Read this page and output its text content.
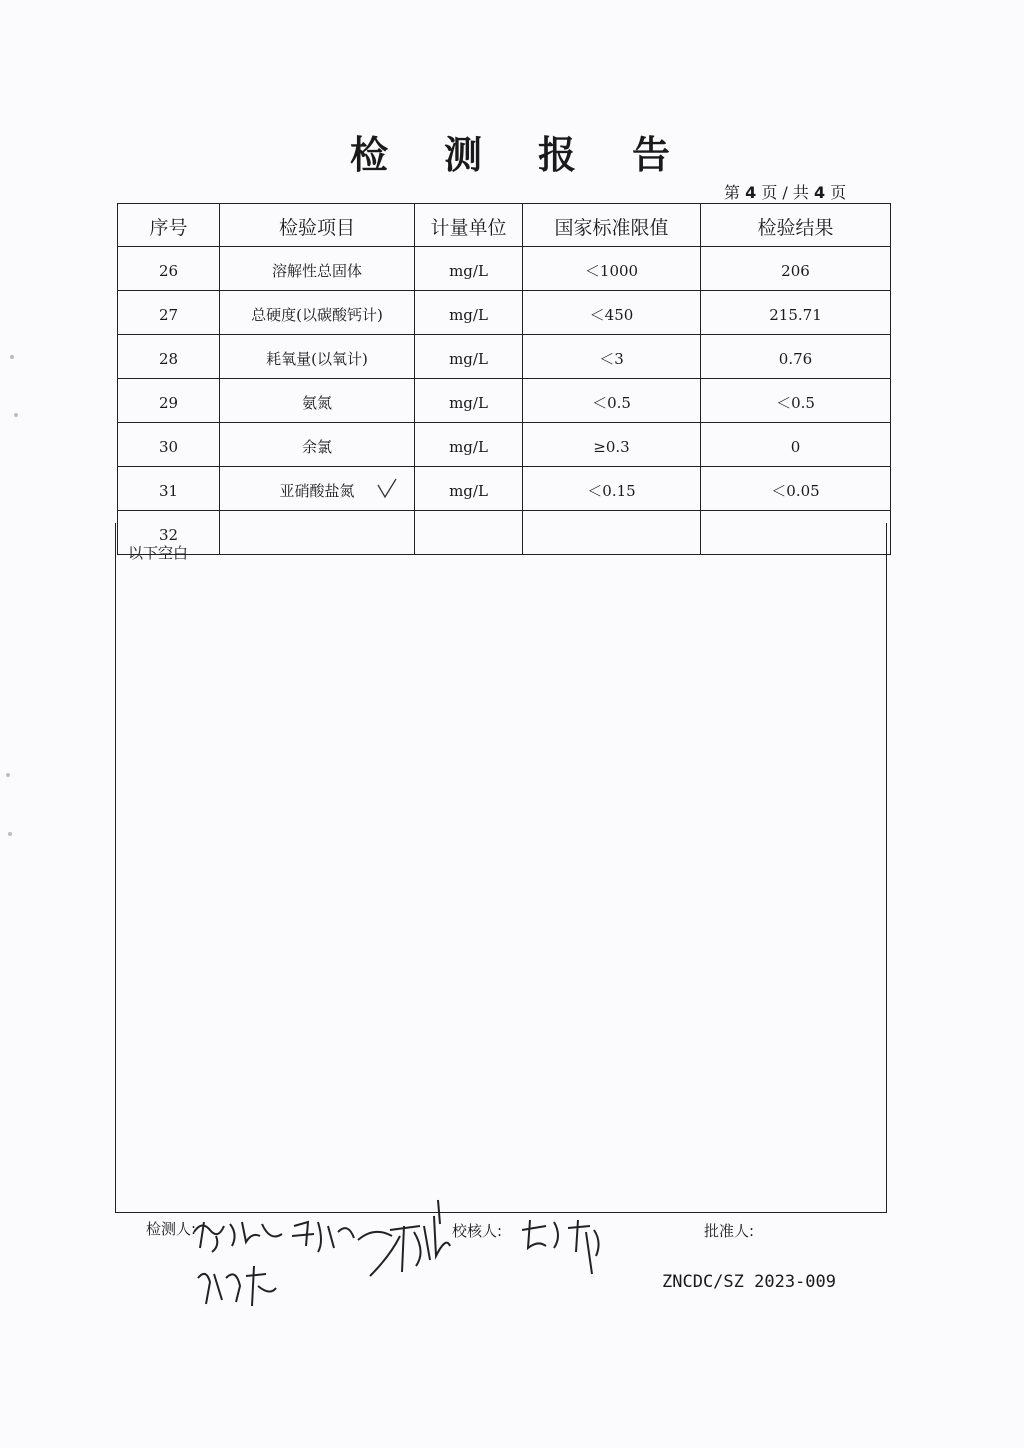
检 测 报 告
第 4 页 / 共 4 页
序号	检验项目	计量单位	国家标准限值	检验结果
26	溶解性总固体	mg/L	＜1000	206
27	总硬度(以碳酸钙计)	mg/L	＜450	215.71
28	耗氧量(以氧计)	mg/L	＜3	0.76
29	氨氮	mg/L	＜0.5	＜0.5
30	余氯	mg/L	≥0.3	0
31	亚硝酸盐氮	mg/L	＜0.15	＜0.05
32				
以下空白
检测人:	校核人:	批准人:
ZNCDC/SZ 2023-009
